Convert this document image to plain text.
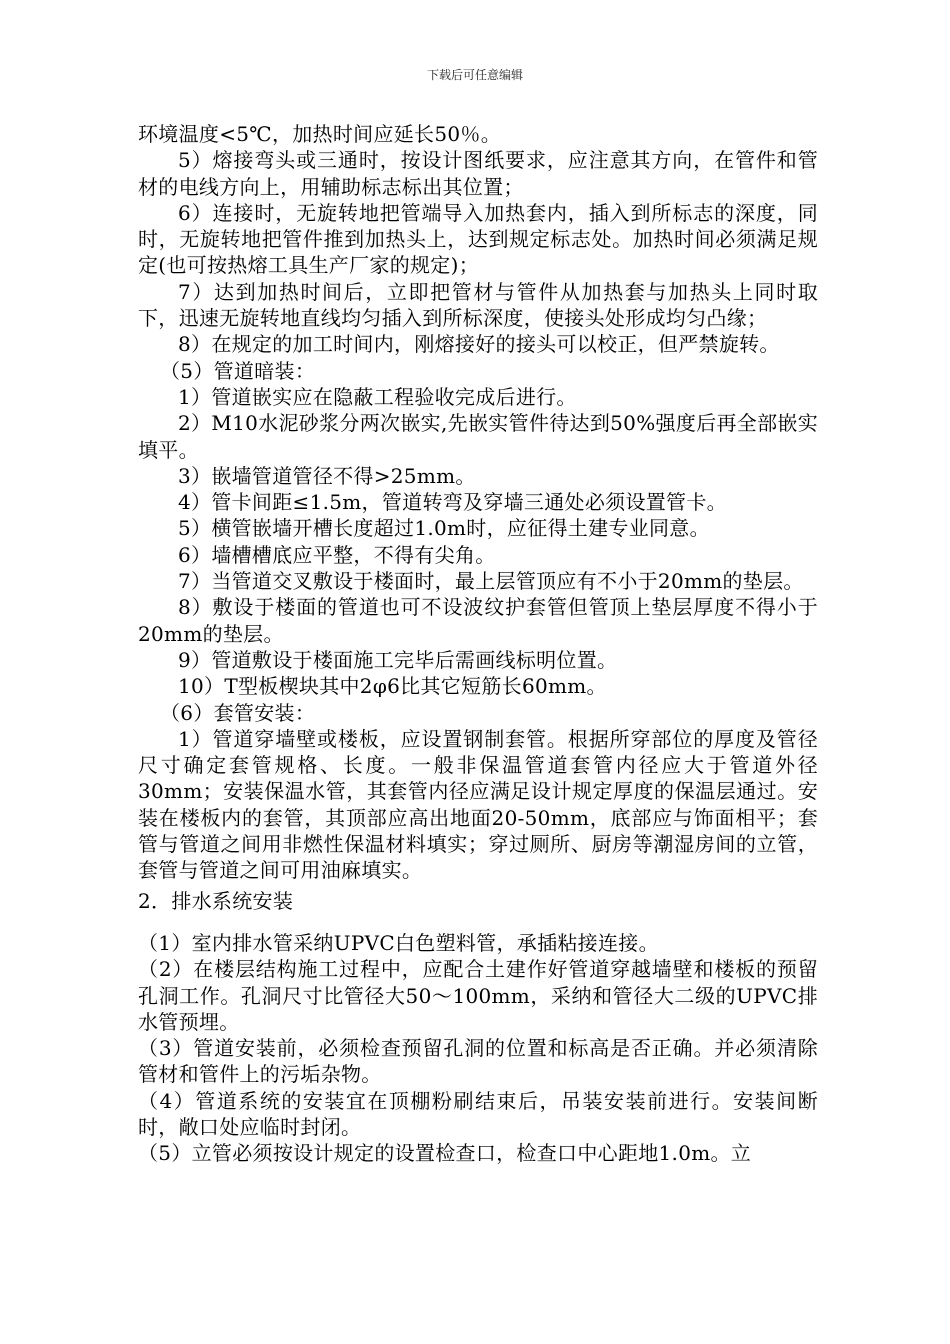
下载后可任意编辑

环境温度<5℃，加热时间应延长50％。

5）熔接弯头或三通时，按设计图纸要求，应注意其方向，在管件和管材的电线方向上，用辅助标志标出其位置；

6）连接时，无旋转地把管端导入加热套内，插入到所标志的深度，同时，无旋转地把管件推到加热头上，达到规定标志处。加热时间必须满足规定(也可按热熔工具生产厂家的规定)；

7）达到加热时间后，立即把管材与管件从加热套与加热头上同时取下，迅速无旋转地直线均匀插入到所标深度，使接头处形成均匀凸缘；

8）在规定的加工时间内，刚熔接好的接头可以校正，但严禁旋转。

（5）管道暗装：

1）管道嵌实应在隐蔽工程验收完成后进行。

2）M10水泥砂浆分两次嵌实,先嵌实管件待达到50%强度后再全部嵌实填平。

3）嵌墙管道管径不得>25mm。

4）管卡间距≤1.5m，管道转弯及穿墙三通处必须设置管卡。

5）横管嵌墙开槽长度超过1.0m时，应征得土建专业同意。

6）墙槽槽底应平整，不得有尖角。

7）当管道交叉敷设于楼面时，最上层管顶应有不小于20mm的垫层。

8）敷设于楼面的管道也可不设波纹护套管但管顶上垫层厚度不得小于20mm的垫层。

9）管道敷设于楼面施工完毕后需画线标明位置。

10）T型板楔块其中2φ6比其它短筋长60mm。

（6）套管安装：

1）管道穿墙壁或楼板，应设置钢制套管。根据所穿部位的厚度及管径尺寸确定套管规格、长度。一般非保温管道套管内径应大于管道外径30mm；安装保温水管，其套管内径应满足设计规定厚度的保温层通过。安装在楼板内的套管，其顶部应高出地面20-50mm，底部应与饰面相平；套管与管道之间用非燃性保温材料填实；穿过厕所、厨房等潮湿房间的立管，套管与管道之间可用油麻填实。

2．排水系统安装

（1）室内排水管采纳UPVC白色塑料管，承插粘接连接。

（2）在楼层结构施工过程中，应配合土建作好管道穿越墙壁和楼板的预留孔洞工作。孔洞尺寸比管径大50～100mm，采纳和管径大二级的UPVC排水管预埋。

（3）管道安装前，必须检查预留孔洞的位置和标高是否正确。并必须清除管材和管件上的污垢杂物。

（4）管道系统的安装宜在顶棚粉刷结束后，吊装安装前进行。安装间断时，敞口处应临时封闭。

（5）立管必须按设计规定的设置检查口，检查口中心距地1.0m。立
